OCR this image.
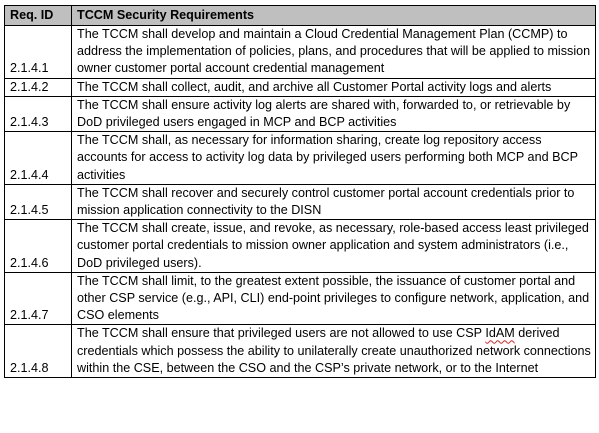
Req. ID	TCCM Security Requirements
2.1.4.1	The TCCM shall develop and maintain a Cloud Credential Management Plan (CCMP) to address the implementation of policies, plans, and procedures that will be applied to mission owner customer portal account credential management
2.1.4.2	The TCCM shall collect, audit, and archive all Customer Portal activity logs and alerts
2.1.4.3	The TCCM shall ensure activity log alerts are shared with, forwarded to, or retrievable by DoD privileged users engaged in MCP and BCP activities
2.1.4.4	The TCCM shall, as necessary for information sharing, create log repository access accounts for access to activity log data by privileged users performing both MCP and BCP activities
2.1.4.5	The TCCM shall recover and securely control customer portal account credentials prior to mission application connectivity to the DISN
2.1.4.6	The TCCM shall create, issue, and revoke, as necessary, role-based access least privileged customer portal credentials to mission owner application and system administrators (i.e., DoD privileged users).
2.1.4.7	The TCCM shall limit, to the greatest extent possible, the issuance of customer portal and other CSP service (e.g., API, CLI) end-point privileges to configure network, application, and CSO elements
2.1.4.8	The TCCM shall ensure that privileged users are not allowed to use CSP IdAM derived credentials which possess the ability to unilaterally create unauthorized network connections within the CSE, between the CSO and the CSP’s private network, or to the Internet
